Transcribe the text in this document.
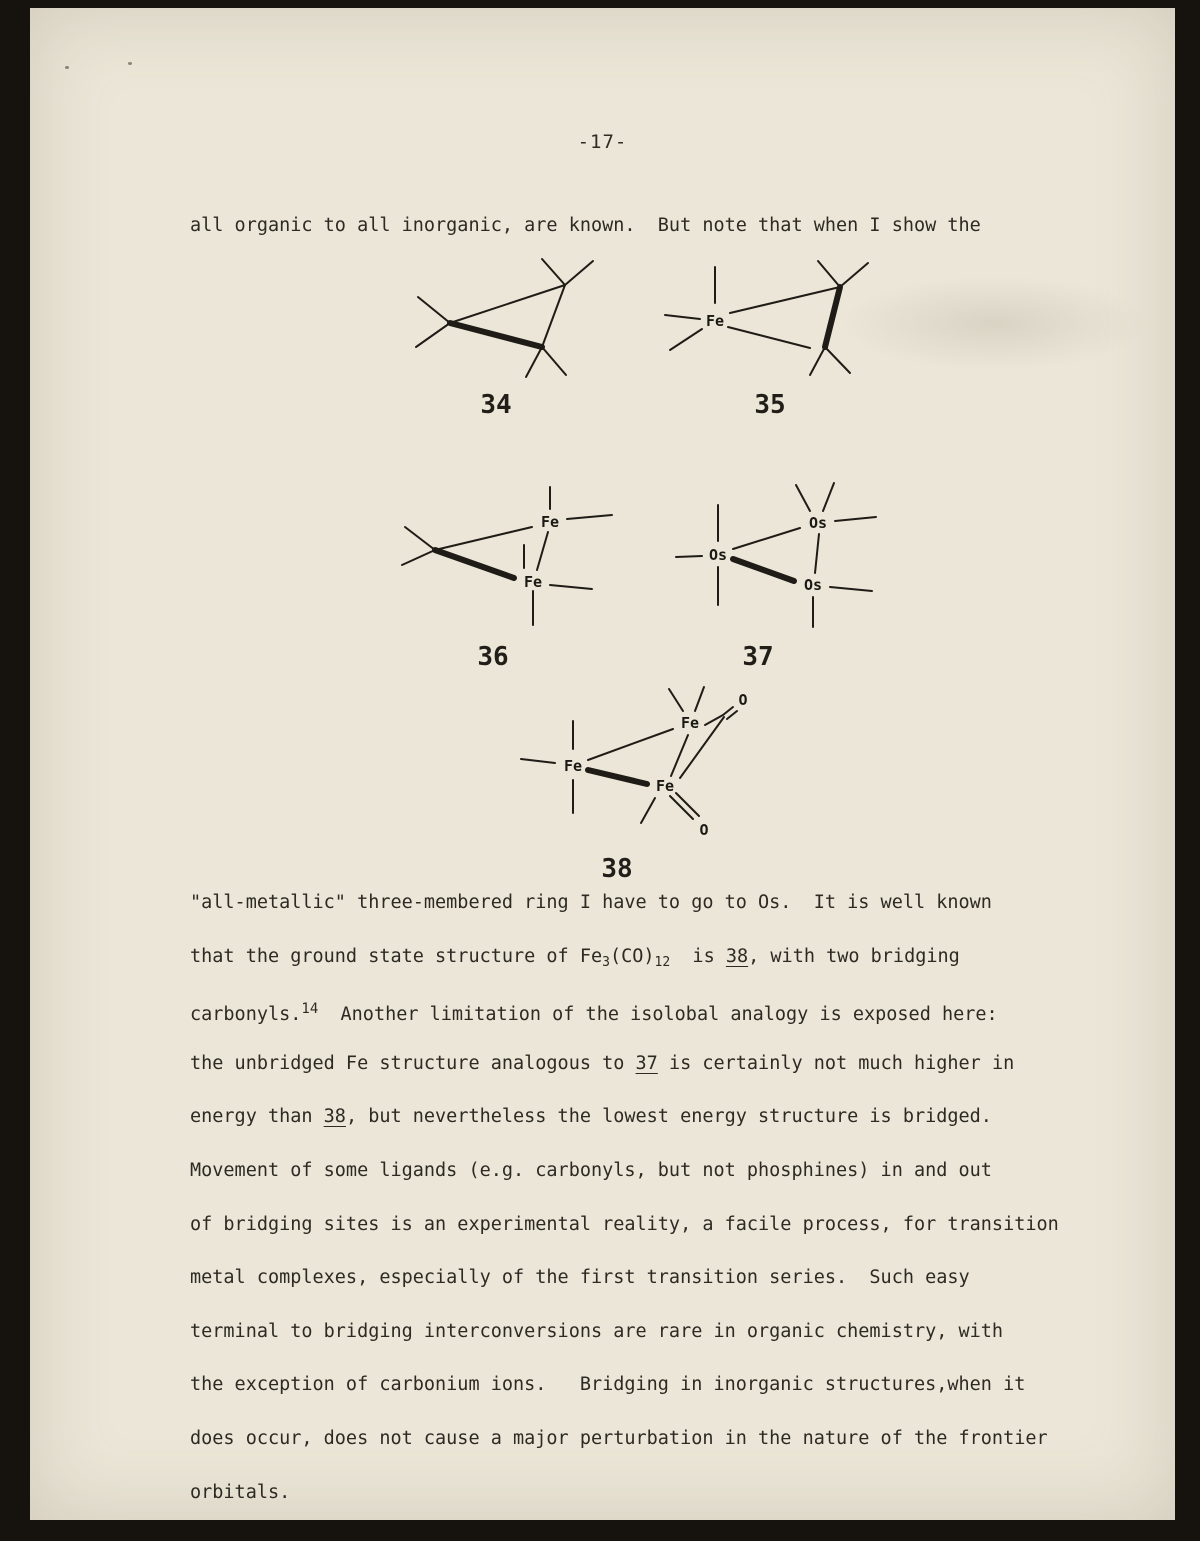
-17-
all organic to all inorganic, are known.  But note that when I show the
Fe
Fe
Fe
Os
Os
Os
Fe
Fe
Fe
O
O
34	35
36	37
38
"all-metallic" three-membered ring I have to go to Os.  It is well known
that the ground state structure of $Fe_3(CO)_{12}$  is 38, with two bridging
carbonyls.$^{14}$  Another limitation of the isolobal analogy is exposed here:
the unbridged Fe structure analogous to 37 is certainly not much higher in
energy than 38, but nevertheless the lowest energy structure is bridged.
Movement of some ligands (e.g. carbonyls, but not phosphines) in and out
of bridging sites is an experimental reality, a facile process, for transition
metal complexes, especially of the first transition series.  Such easy
terminal to bridging interconversions are rare in organic chemistry, with
the exception of carbonium ions.   Bridging in inorganic structures,when it
does occur, does not cause a major perturbation in the nature of the frontier
orbitals.
